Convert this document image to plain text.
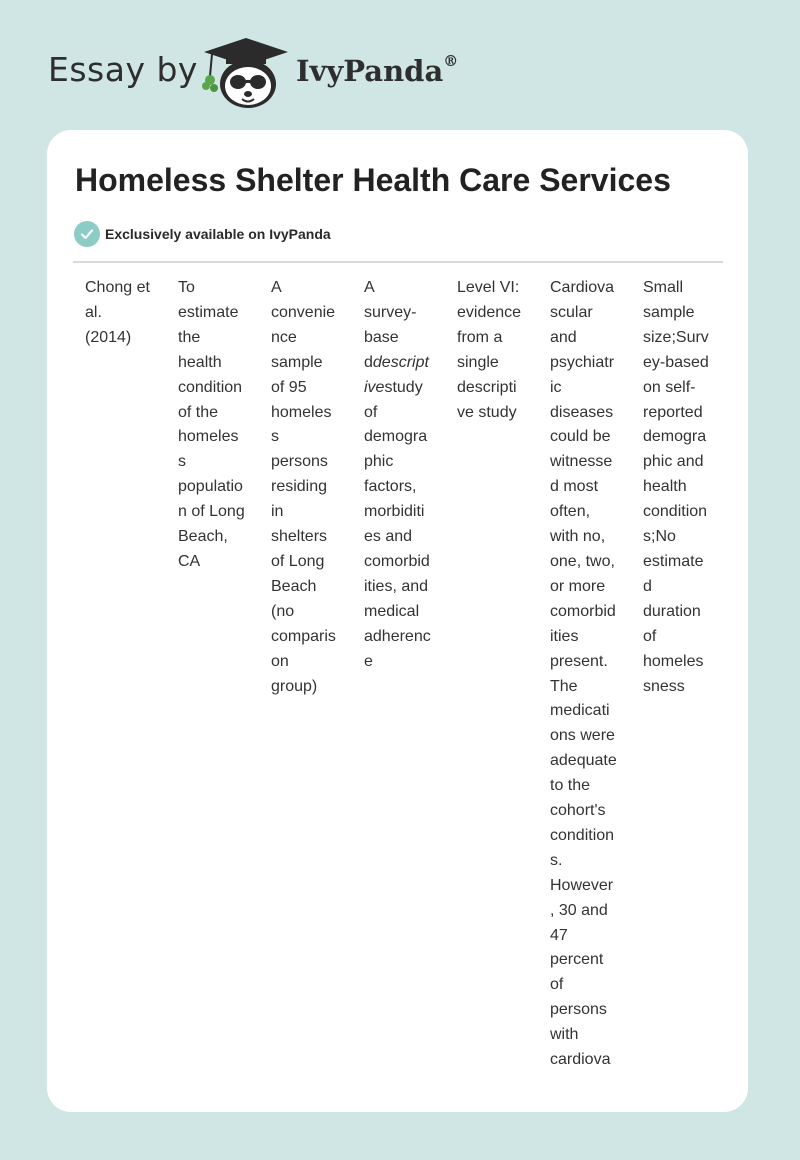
Essay by	IvyPanda®
Homeless Shelter Health Care Services
Exclusively available on IvyPanda
Chong et
al.
(2014)
To
estimate
the
health
condition
of the
homeles
s
populatio
n of Long
Beach,
CA
A
convenie
nce
sample
of 95
homeles
s
persons
residing
in
shelters
of Long
Beach
(no
comparis
on
group)
A
survey-
base
ddescript
ivestudy
of
demogra
phic
factors,
morbiditi
es and
comorbid
ities, and
medical
adherenc
e
Level VI:
evidence
from a
single
descripti
ve study
Cardiova
scular
and
psychiatr
ic
diseases
could be
witnesse
d most
often,
with no,
one, two,
or more
comorbid
ities
present.
The
medicati
ons were
adequate
to the
cohort's
condition
s.
However
, 30 and
47
percent
of
persons
with
cardiova
Small
sample
size;Surv
ey-based
on self-
reported
demogra
phic and
health
condition
s;No
estimate
d
duration
of
homeles
sness
